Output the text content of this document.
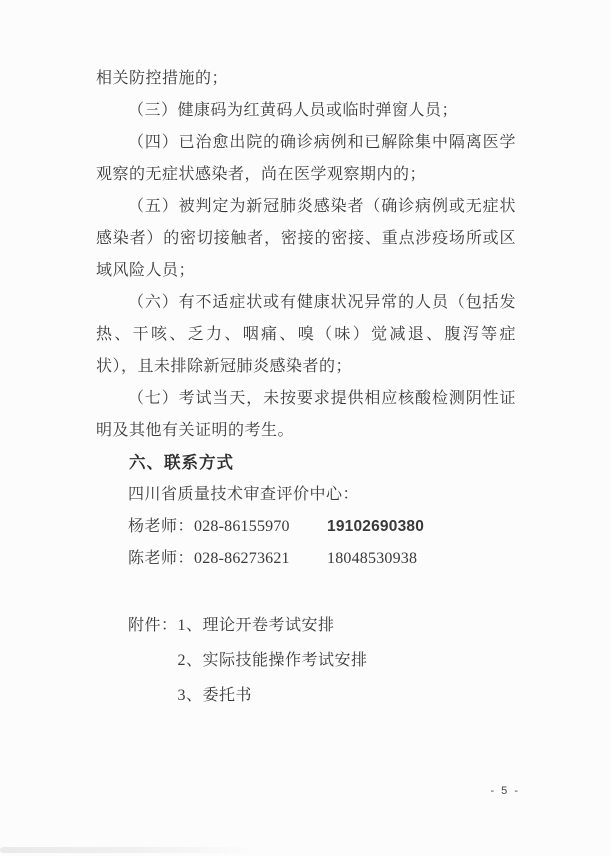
相关防控措施的；

（三）健康码为红黄码人员或临时弹窗人员；

（四）已治愈出院的确诊病例和已解除集中隔离医学观察的无症状感染者，尚在医学观察期内的；

（五）被判定为新冠肺炎感染者（确诊病例或无症状感染者）的密切接触者，密接的密接、重点涉疫场所或区域风险人员；

（六）有不适症状或有健康状况异常的人员（包括发热、干咳、乏力、咽痛、嗅（味）觉减退、腹泻等症状），且未排除新冠肺炎感染者的；

（七）考试当天，未按要求提供相应核酸检测阴性证明及其他有关证明的考生。

六、联系方式

四川省质量技术审查评价中心：

杨老师：028-86155970 19102690380
陈老师：028-86273621 18048530938
附件： 1、理论开卷考试安排
2、实际技能操作考试安排
3、委托书
- 5 -
